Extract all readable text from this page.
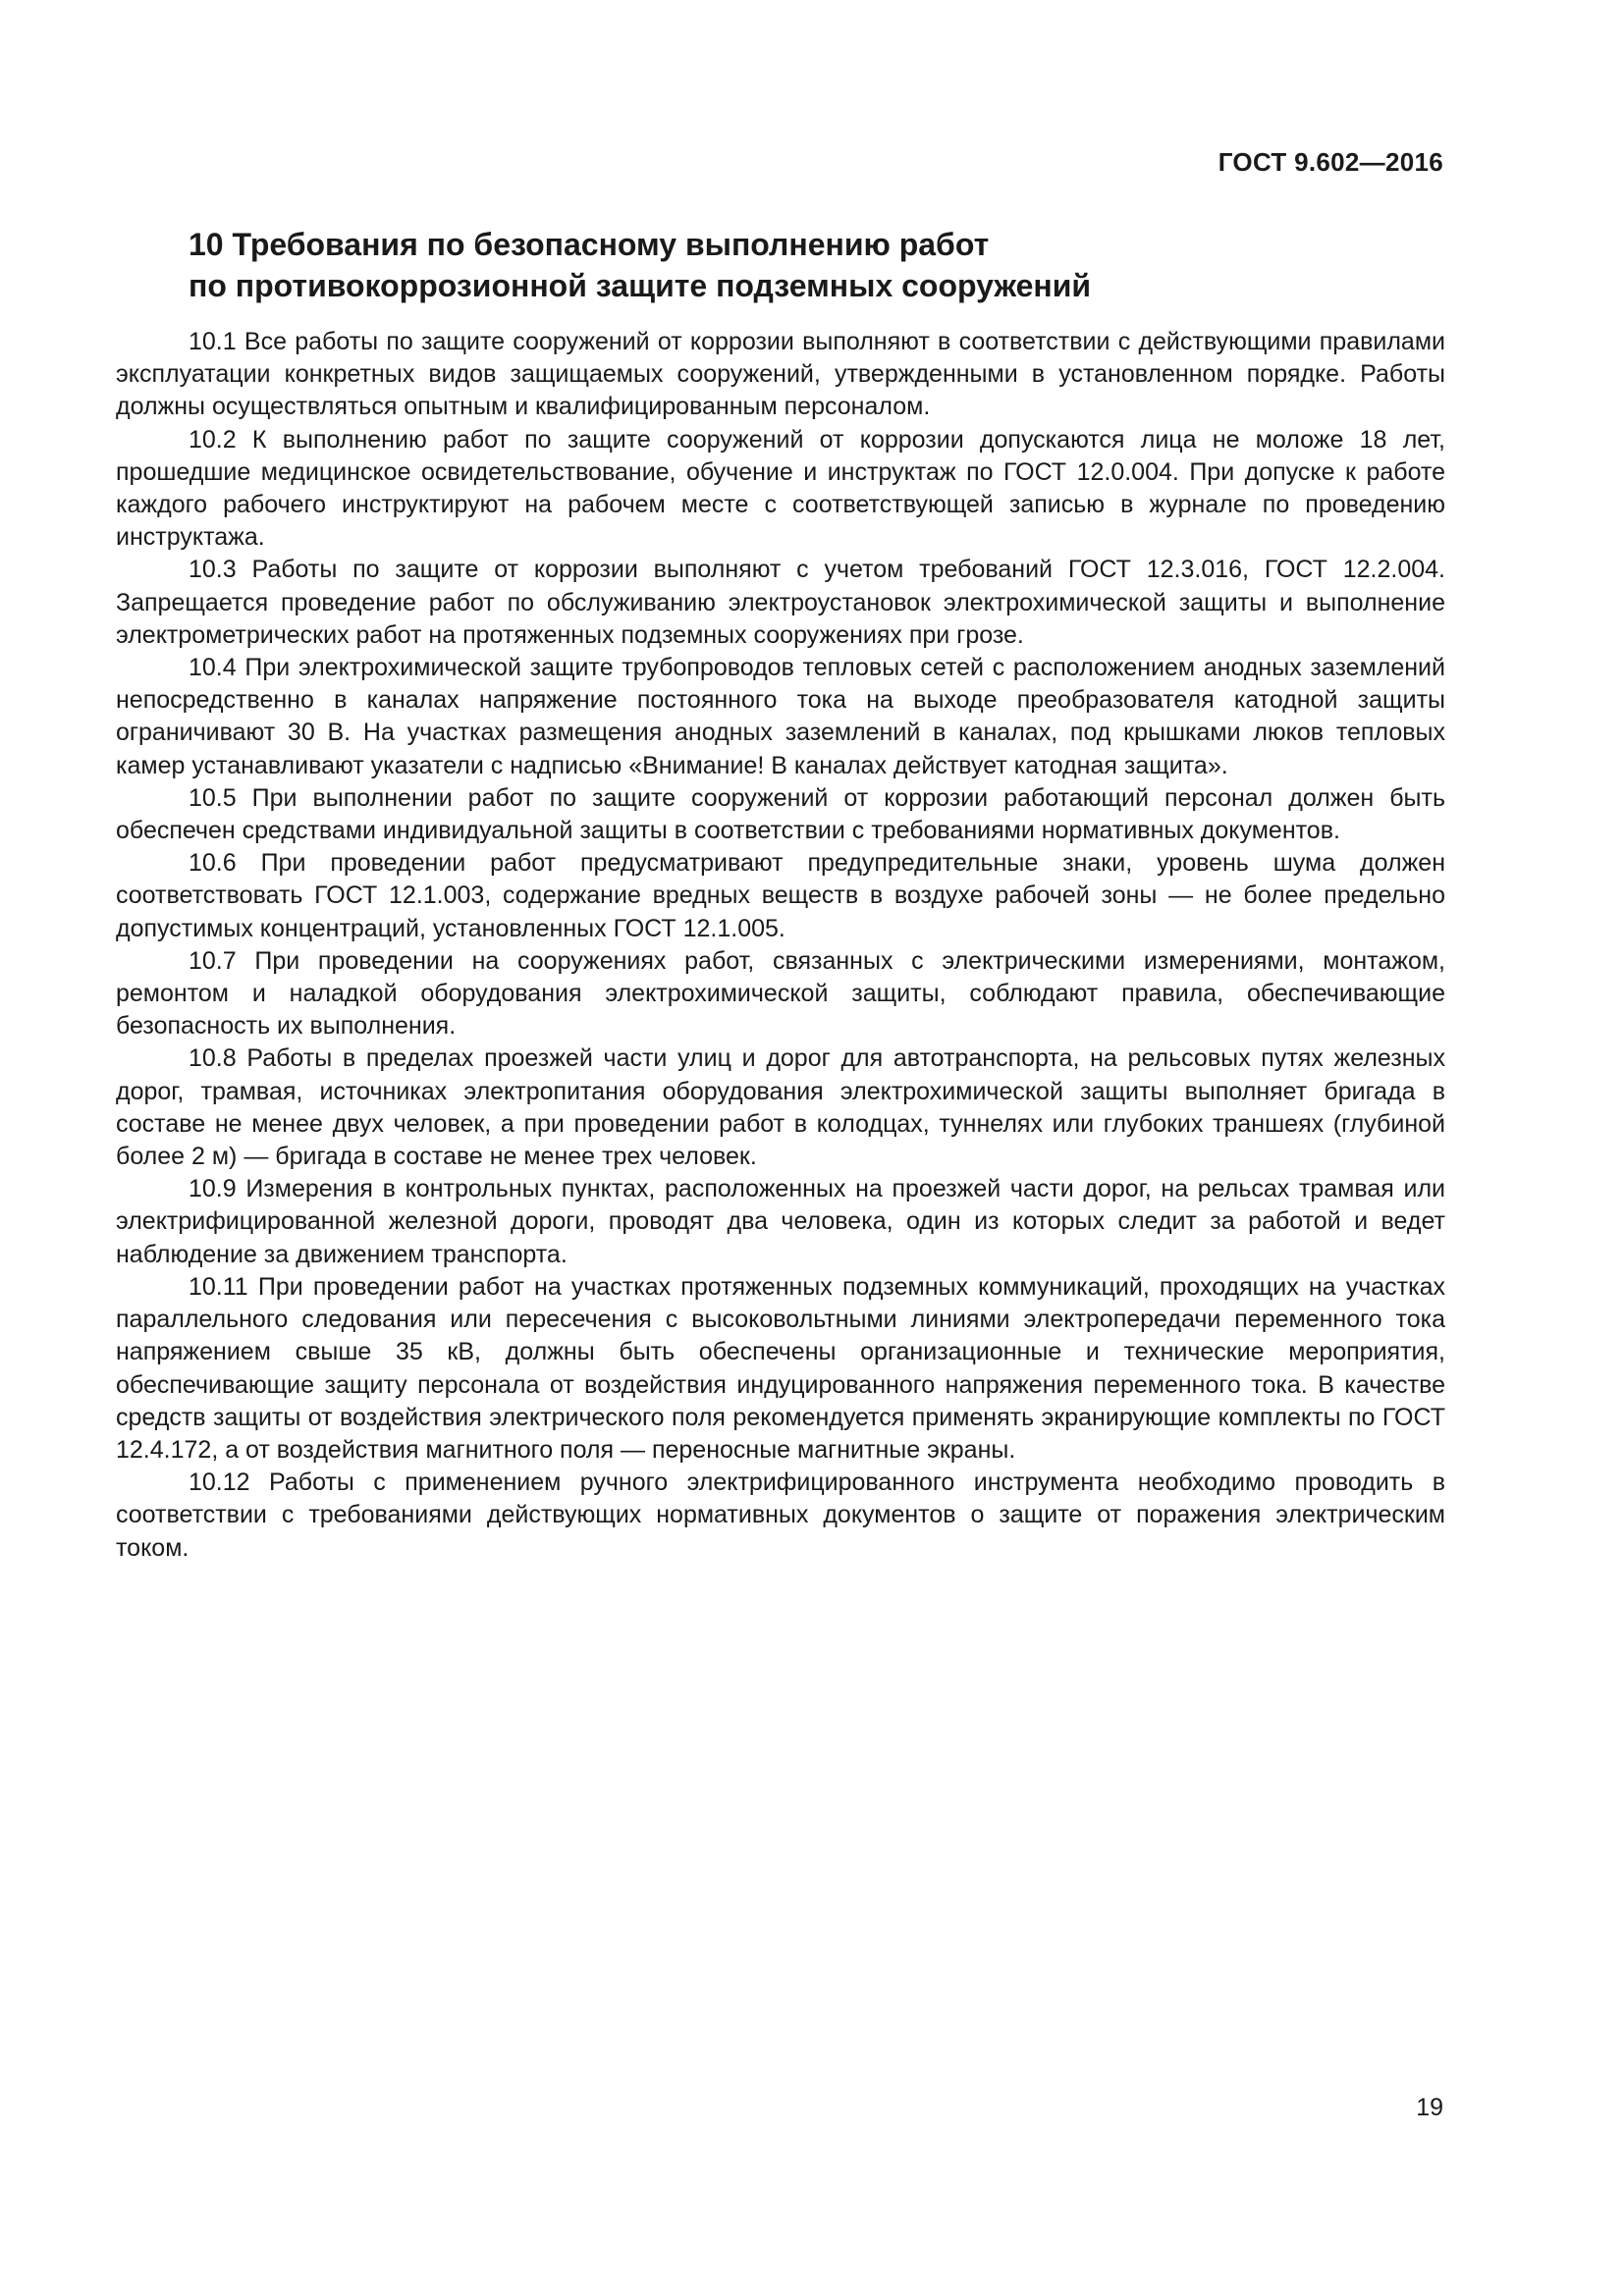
ГОСТ 9.602—2016
10 Требования по безопасному выполнению работ
по противокоррозионной защите подземных сооружений

10.1 Все работы по защите сооружений от коррозии выполняют в соответствии с действующими правилами эксплуатации конкретных видов защищаемых сооружений, утвержденными в установленном порядке. Работы должны осуществляться опытным и квалифицированным персоналом.

10.2 К выполнению работ по защите сооружений от коррозии допускаются лица не моложе 18 лет, прошедшие медицинское освидетельствование, обучение и инструктаж по ГОСТ 12.0.004. При допуске к работе каждого рабочего инструктируют на рабочем месте с соответствующей записью в журнале по проведению инструктажа.

10.3 Работы по защите от коррозии выполняют с учетом требований ГОСТ 12.3.016, ГОСТ 12.2.004. Запрещается проведение работ по обслуживанию электроустановок электрохимической защиты и выполнение электрометрических работ на протяженных подземных сооружениях при грозе.

10.4 При электрохимической защите трубопроводов тепловых сетей с расположением анодных заземлений непосредственно в каналах напряжение постоянного тока на выходе преобразователя катодной защиты ограничивают 30 В. На участках размещения анодных заземлений в каналах, под крышками люков тепловых камер устанавливают указатели с надписью «Внимание! В каналах действует катодная защита».

10.5 При выполнении работ по защите сооружений от коррозии работающий персонал должен быть обеспечен средствами индивидуальной защиты в соответствии с требованиями нормативных документов.

10.6 При проведении работ предусматривают предупредительные знаки, уровень шума должен соответствовать ГОСТ 12.1.003, содержание вредных веществ в воздухе рабочей зоны — не более предельно допустимых концентраций, установленных ГОСТ 12.1.005.

10.7 При проведении на сооружениях работ, связанных с электрическими измерениями, монтажом, ремонтом и наладкой оборудования электрохимической защиты, соблюдают правила, обеспечивающие безопасность их выполнения.

10.8 Работы в пределах проезжей части улиц и дорог для автотранспорта, на рельсовых путях железных дорог, трамвая, источниках электропитания оборудования электрохимической защиты выполняет бригада в составе не менее двух человек, а при проведении работ в колодцах, туннелях или глубоких траншеях (глубиной более 2 м) — бригада в составе не менее трех человек.

10.9 Измерения в контрольных пунктах, расположенных на проезжей части дорог, на рельсах трамвая или электрифицированной железной дороги, проводят два человека, один из которых следит за работой и ведет наблюдение за движением транспорта.

10.11 При проведении работ на участках протяженных подземных коммуникаций, проходящих на участках параллельного следования или пересечения с высоковольтными линиями электропередачи переменного тока напряжением свыше 35 кВ, должны быть обеспечены организационные и технические мероприятия, обеспечивающие защиту персонала от воздействия индуцированного напряжения переменного тока. В качестве средств защиты от воздействия электрического поля рекомендуется применять экранирующие комплекты по ГОСТ 12.4.172, а от воздействия магнитного поля — переносные магнитные экраны.

10.12 Работы с применением ручного электрифицированного инструмента необходимо проводить в соответствии с требованиями действующих нормативных документов о защите от поражения электрическим током.

19
